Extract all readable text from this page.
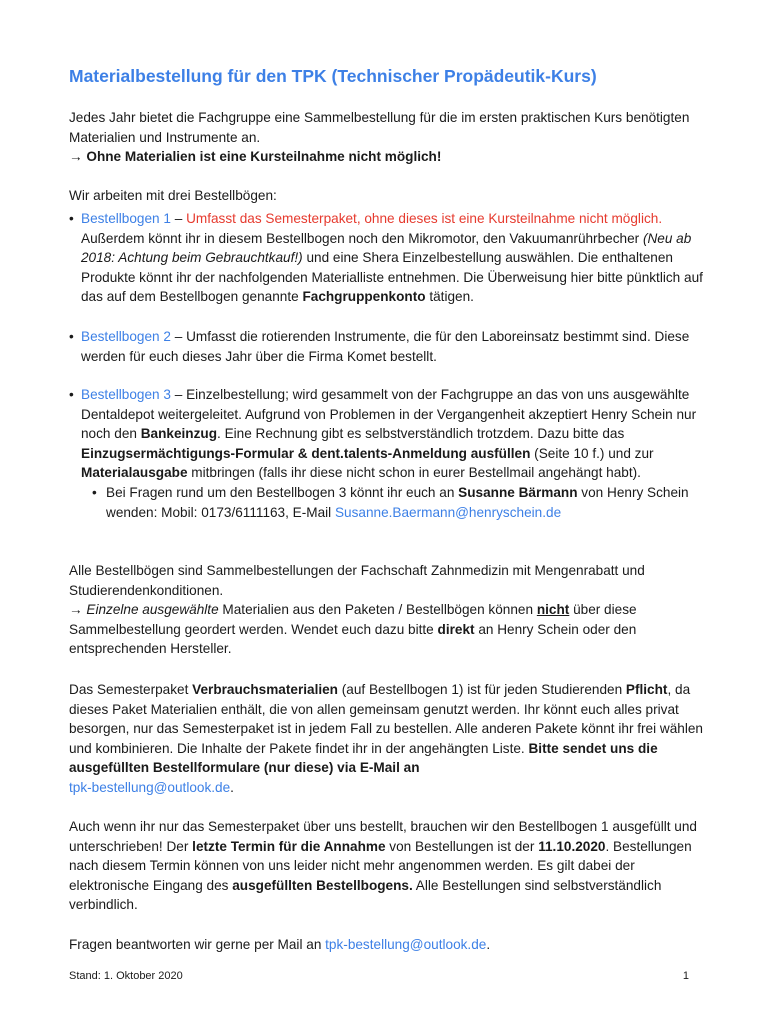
Materialbestellung für den TPK (Technischer Propädeutik-Kurs)

Jedes Jahr bietet die Fachgruppe eine Sammelbestellung für die im ersten praktischen Kurs benötigten Materialien und Instrumente an.

→ Ohne Materialien ist eine Kursteilnahme nicht möglich!

Wir arbeiten mit drei Bestellbögen:
• Bestellbogen 1 – Umfasst das Semesterpaket, ohne dieses ist eine Kursteilnahme nicht möglich. Außerdem könnt ihr in diesem Bestellbogen noch den Mikromotor, den Vakuumanrührbecher (Neu ab 2018: Achtung beim Gebrauchtkauf!) und eine Shera Einzelbestellung auswählen. Die enthaltenen Produkte könnt ihr der nachfolgenden Materialliste entnehmen. Die Überweisung hier bitte pünktlich auf das auf dem Bestellbogen genannte Fachgruppenkonto tätigen.
• Bestellbogen 2 – Umfasst die rotierenden Instrumente, die für den Laboreinsatz bestimmt sind. Diese werden für euch dieses Jahr über die Firma Komet bestellt.
• Bestellbogen 3 – Einzelbestellung; wird gesammelt von der Fachgruppe an das von uns ausgewählte Dentaldepot weitergeleitet. Aufgrund von Problemen in der Vergangenheit akzeptiert Henry Schein nur noch den Bankeinzug. Eine Rechnung gibt es selbstverständlich trotzdem. Dazu bitte das Einzugsermächtigungs-Formular & dent.talents-Anmeldung ausfüllen (Seite 10 f.) und zur Materialausgabe mitbringen (falls ihr diese nicht schon in eurer Bestellmail angehängt habt).
• Bei Fragen rund um den Bestellbogen 3 könnt ihr euch an Susanne Bärmann von Henry Schein wenden: Mobil: 0173/6111163, E-Mail Susanne.Baermann@henryschein.de

Alle Bestellbögen sind Sammelbestellungen der Fachschaft Zahnmedizin mit Mengenrabatt und Studierendenkonditionen.

→ Einzelne ausgewählte Materialien aus den Paketen / Bestellbögen können nicht über diese Sammelbestellung geordert werden. Wendet euch dazu bitte direkt an Henry Schein oder den entsprechenden Hersteller.

Das Semesterpaket Verbrauchsmaterialien (auf Bestellbogen 1) ist für jeden Studierenden Pflicht, da dieses Paket Materialien enthält, die von allen gemeinsam genutzt werden. Ihr könnt euch alles privat besorgen, nur das Semesterpaket ist in jedem Fall zu bestellen. Alle anderen Pakete könnt ihr frei wählen und kombinieren. Die Inhalte der Pakete findet ihr in der angehängten Liste. Bitte sendet uns die ausgefüllten Bestellformulare (nur diese) via E-Mail an
tpk-bestellung@outlook.de.
Auch wenn ihr nur das Semesterpaket über uns bestellt, brauchen wir den Bestellbogen 1 ausgefüllt und unterschrieben! Der letzte Termin für die Annahme von Bestellungen ist der 11.10.2020. Bestellungen nach diesem Termin können von uns leider nicht mehr angenommen werden. Es gilt dabei der elektronische Eingang des ausgefüllten Bestellbogens. Alle Bestellungen sind selbstverständlich verbindlich.
Fragen beantworten wir gerne per Mail an tpk-bestellung@outlook.de.
Stand: 1. Oktober 2020	1
